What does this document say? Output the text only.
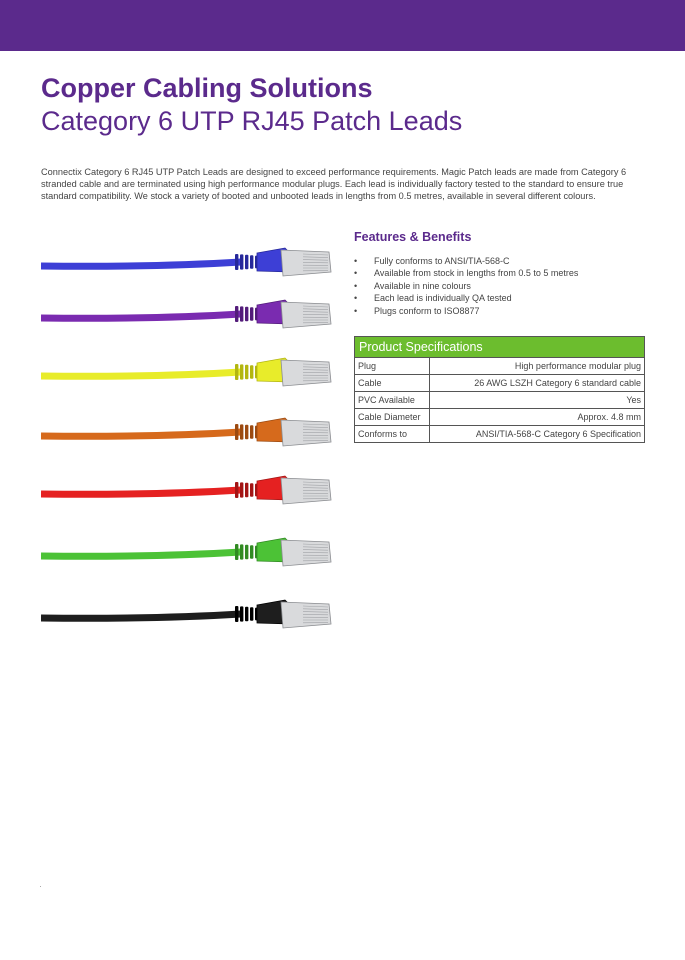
Copper Cabling Solutions
Category 6 UTP RJ45 Patch Leads
Connectix Category 6 RJ45 UTP Patch Leads are designed to exceed performance requirements. Magic Patch leads are made from Category 6 stranded cable and are terminated using high performance modular plugs. Each lead is individually factory tested to the standard to ensure true standard compatibility. We stock a variety of booted and unbooted leads in lengths from 0.5 metres, available in several different colours.
Features & Benefits
• Fully conforms to ANSI/TIA-568-C
• Available from stock in lengths from 0.5 to 5 metres
• Available in nine colours
• Each lead is individually QA tested
• Plugs conform to ISO8877
Product Specifications	
Plug	High performance modular plug
Cable	26 AWG LSZH Category 6 standard cable
PVC Available	Yes
Cable Diameter	Approx. 4.8 mm
Conforms to	ANSI/TIA-568-C Category 6 Specification
